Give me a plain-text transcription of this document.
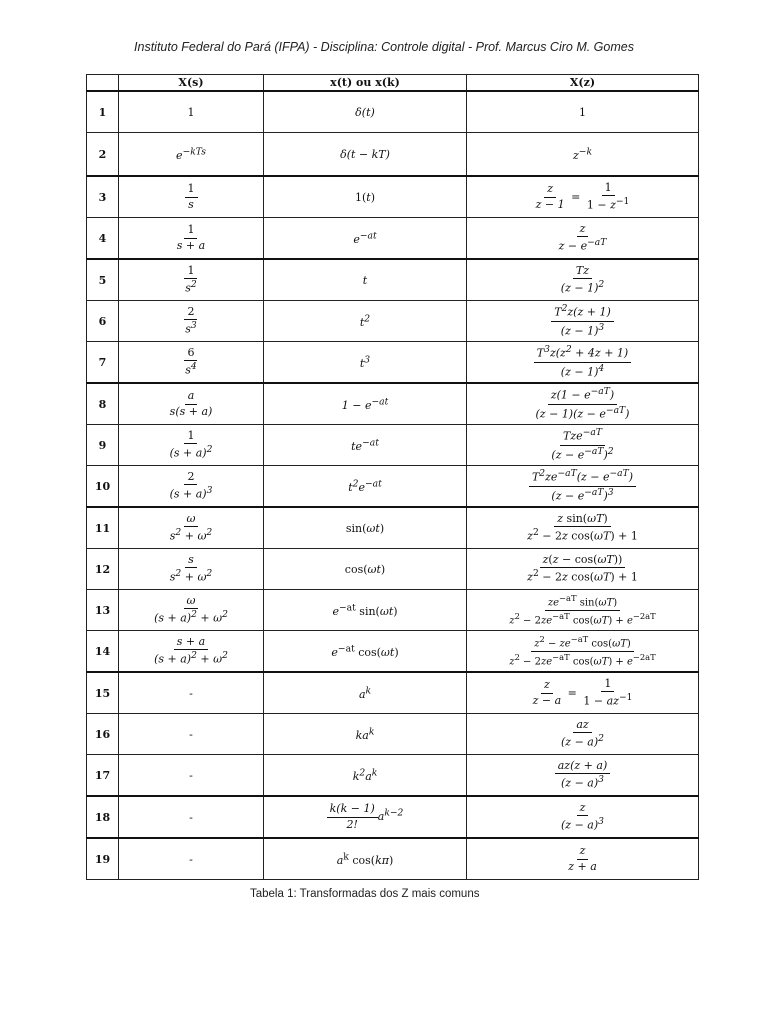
Instituto Federal do Pará (IFPA) - Disciplina: Controle digital - Prof. Marcus Ciro M. Gomes
	X(s)	x(t) ou x(k)	X(z)
1	1	δ(t)	1
2	$e^{-kTs}$	δ(t − kT)	$z^{-k}$
3	$\frac{1}{s}$	1(t)	$\frac{z}{z - 1} = \frac{1}{1 - z^{-1}}$

4	$\frac{1}{s + a}$	$e^{-at}$	$\frac{z}{z - e^{-aT}}$

5	$\frac{1}{s^2}$	t	$\frac{Tz}{(z - 1)^2}$

6	$\frac{2}{s^3}$	$t^2$	$\frac{T^2z(z + 1)}{(z - 1)^3}$

7	$\frac{6}{s^4}$	$t^3$	$\frac{T^3z(z^2 + 4z + 1)}{(z - 1)^4}$

8	$\frac{a}{s(s + a)}$	$1 - e^{-at}$	$\frac{z(1 - e^{-aT})}{(z - 1)(z - e^{-aT})}$

9	$\frac{1}{(s + a)^2}$	$te^{-at}$	$\frac{Tze^{-aT}}{(z - e^{-aT})^2}$

10	$\frac{2}{(s + a)^3}$	$t^2e^{-at}$	$\frac{T^2ze^{-aT}(z - e^{-aT})}{(z - e^{-aT})^3}$

11	$\frac{\omega}{s^2 + \omega^2}$	sin(ωt)	$\frac{\text{z sin(ωT)}}{z^2 - 2z \cos(\omega T) + 1}$

12	$\frac{s}{s^2 + \omega^2}$	cos(ωt)	$\frac{z(z - \cos(\omega T))}{z^2 - 2z \cos(\omega T) + 1}$

13	$\frac{\omega}{(s + a)^2 + \omega^2}$	$e^{-at}$ sin(ωt)	$\frac{ze^{-aT} \sin(\omega T)}{z^2 - 2ze^{-aT} \cos(\omega T) + e^{-2aT}}$

14	$\frac{s + a}{(s + a)^2 + \omega^2}$	$e^{-at}$ cos(ωt)	$\frac{z^2 - ze^{-aT} \cos(\omega T)}{z^2 - 2ze^{-aT} \cos(\omega T) + e^{-2aT}}$

15	-	$a^k$	$\frac{z}{z - a} = \frac{1}{1 - az^{-1}}$

16	-	$ka^k$	$\frac{az}{(z - a)^2}$

17	-	$k^2a^k$	$\frac{az(z + a)}{(z - a)^3}$

18	-	$\frac{k(k - 1)}{2!} a^{k-2}$	$\frac{z}{(z - a)^3}$

19	-	$a^k$ cos(kπ)	$\frac{z}{z + a}$
Tabela 1: Transformadas dos Z mais comuns
